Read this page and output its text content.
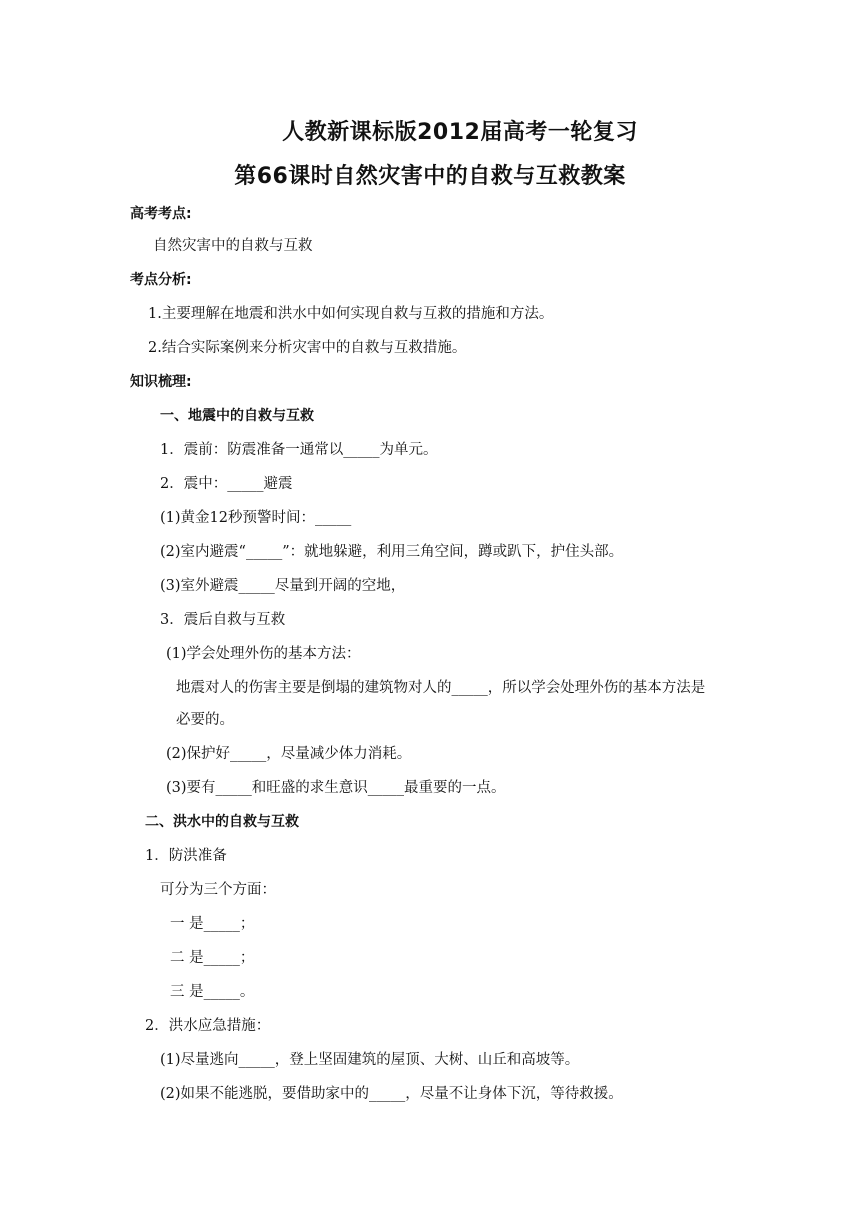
人教新课标版2012届高考一轮复习
第66课时自然灾害中的自救与互救教案
高考考点:
自然灾害中的自救与互救
考点分析:
1.主要理解在地震和洪水中如何实现自救与互救的措施和方法。
2.结合实际案例来分析灾害中的自救与互救措施。
知识梳理:
一、地震中的自救与互救
1．震前：防震准备一通常以_____为单元。
2．震中：_____避震
(1)黄金12秒预警时间：_____
(2)室内避震“_____”：就地躲避，利用三角空间，蹲或趴下，护住头部。
(3)室外避震_____尽量到开阔的空地，
3．震后自救与互救
(1)学会处理外伤的基本方法：
地震对人的伤害主要是倒塌的建筑物对人的_____，所以学会处理外伤的基本方法是
必要的。
(2)保护好_____，尽量减少体力消耗。
(3)要有_____和旺盛的求生意识_____最重要的一点。
二、洪水中的自救与互救
1．防洪准备
可分为三个方面：
一 是_____；
二 是_____；
三 是_____。
2．洪水应急措施：
(1)尽量逃向_____，登上坚固建筑的屋顶、大树、山丘和高坡等。
(2)如果不能逃脱，要借助家中的_____，尽量不让身体下沉，等待救援。
